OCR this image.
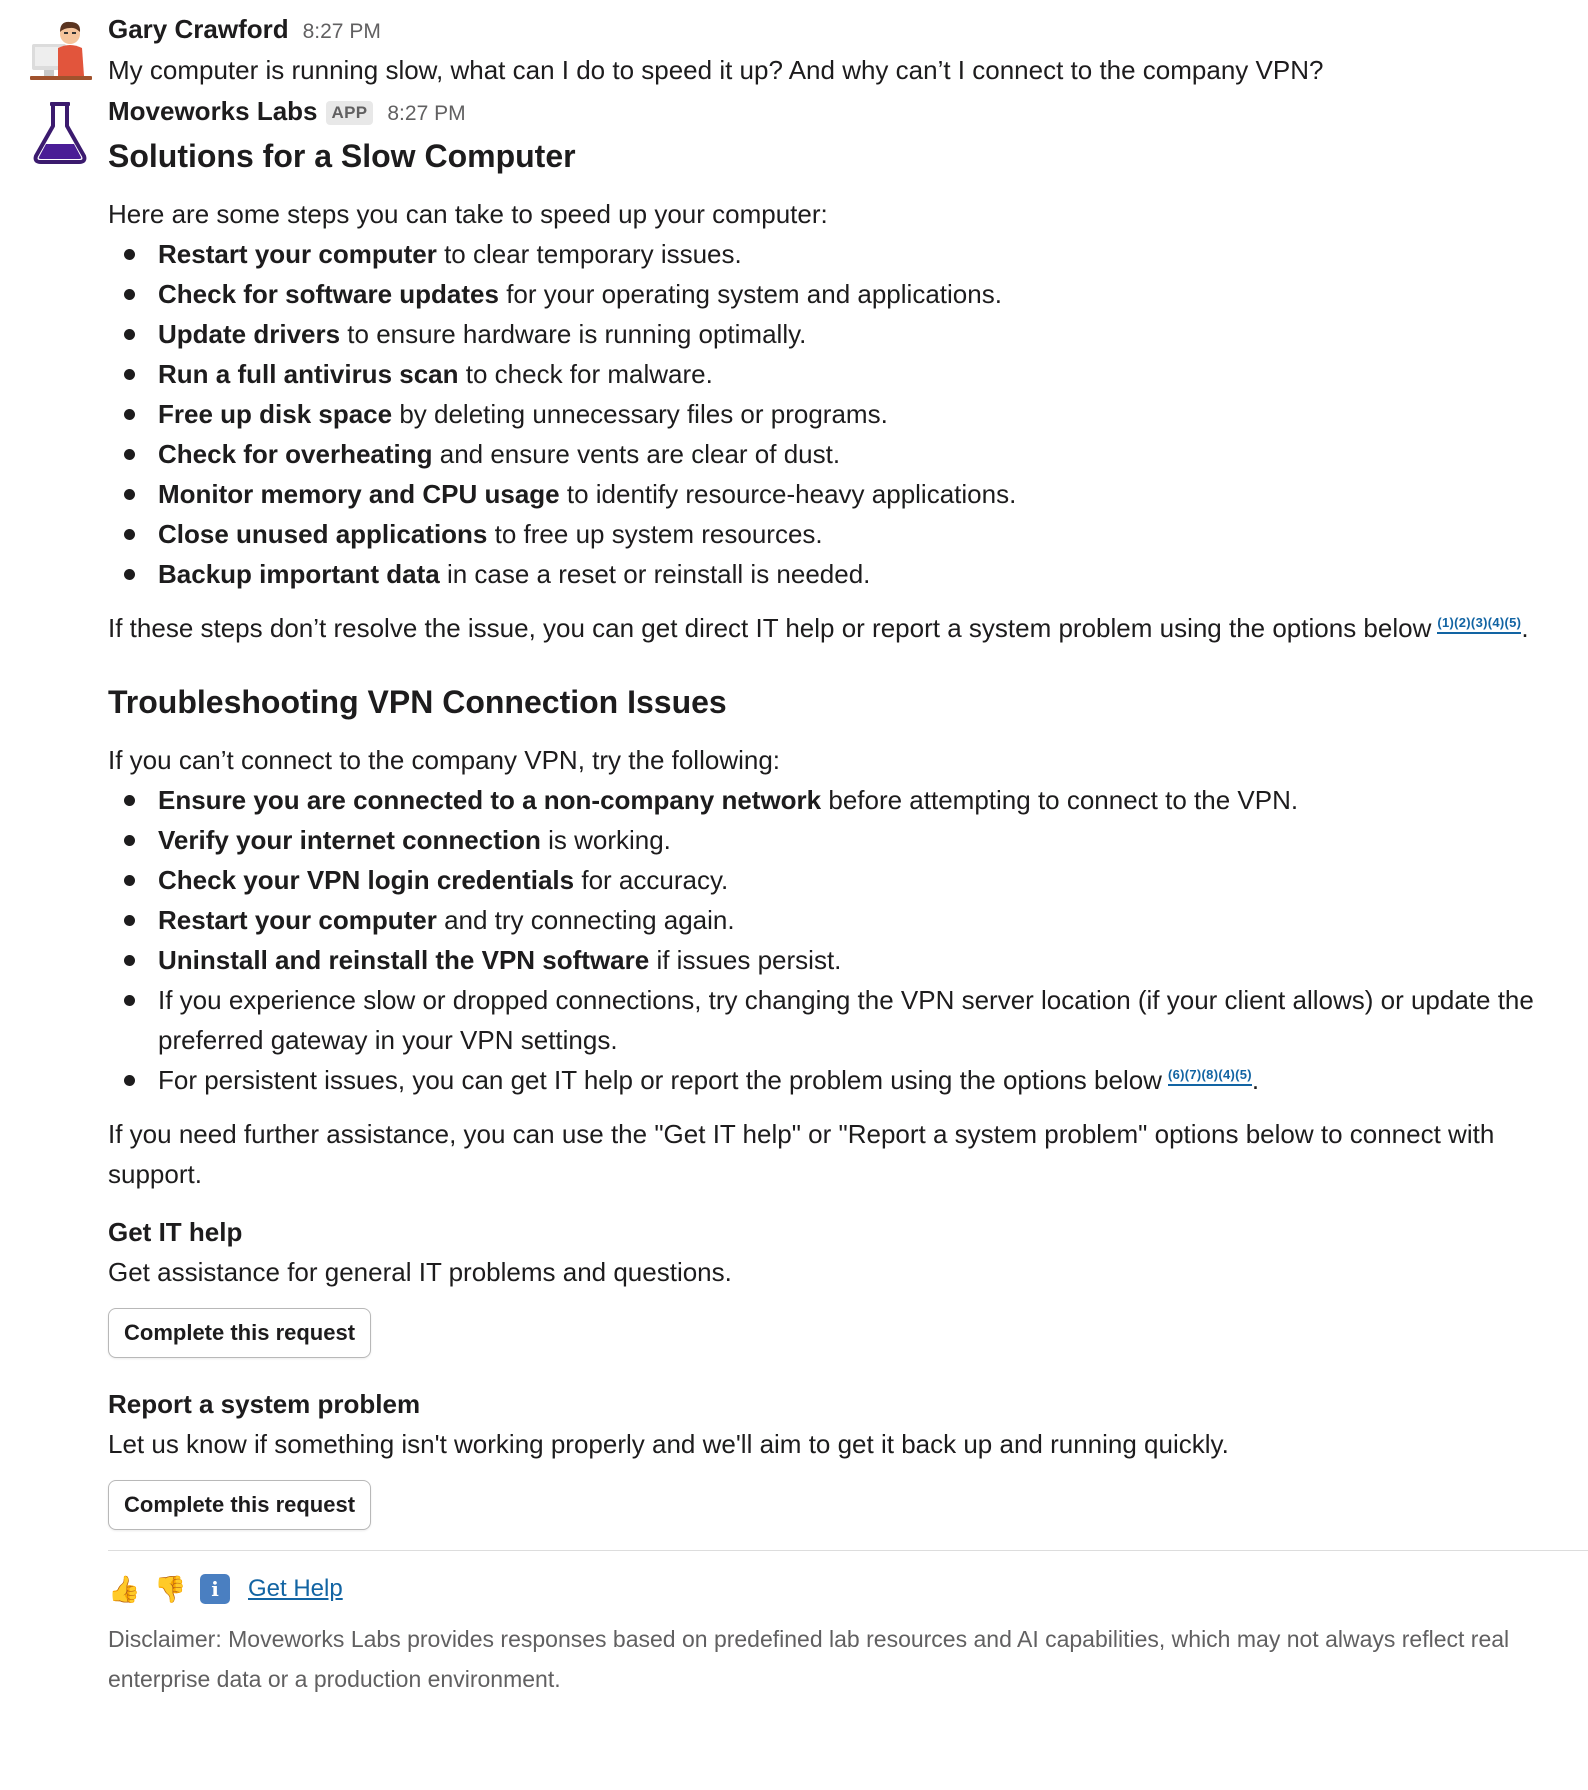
Gary Crawford 8:27 PM
My computer is running slow, what can I do to speed it up? And why can’t I connect to the company VPN?
Moveworks Labs APP 8:27 PM
Solutions for a Slow Computer
Here are some steps you can take to speed up your computer:
Restart your computer to clear temporary issues.
Check for software updates for your operating system and applications.
Update drivers to ensure hardware is running optimally.
Run a full antivirus scan to check for malware.
Free up disk space by deleting unnecessary files or programs.
Check for overheating and ensure vents are clear of dust.
Monitor memory and CPU usage to identify resource-heavy applications.
Close unused applications to free up system resources.
Backup important data in case a reset or reinstall is needed.
If these steps don’t resolve the issue, you can get direct IT help or report a system problem using the options below $^{(1)(2)(3)(4)(5)}$.
Troubleshooting VPN Connection Issues
If you can’t connect to the company VPN, try the following:
Ensure you are connected to a non-company network before attempting to connect to the VPN.
Verify your internet connection is working.
Check your VPN login credentials for accuracy.
Restart your computer and try connecting again.
Uninstall and reinstall the VPN software if issues persist.
If you experience slow or dropped connections, try changing the VPN server location (if your client allows) or update the preferred gateway in your VPN settings.
For persistent issues, you can get IT help or report the problem using the options below $^{(6)(7)(8)(4)(5)}$.
If you need further assistance, you can use the "Get IT help" or "Report a system problem" options below to connect with support.
Get IT help
Get assistance for general IT problems and questions.
Complete this request
Report a system problem
Let us know if something isn't working properly and we'll aim to get it back up and running quickly.
Complete this request
👍 👎	i	Get Help
Disclaimer: Moveworks Labs provides responses based on predefined lab resources and AI capabilities, which may not always reflect real enterprise data or a production environment.
